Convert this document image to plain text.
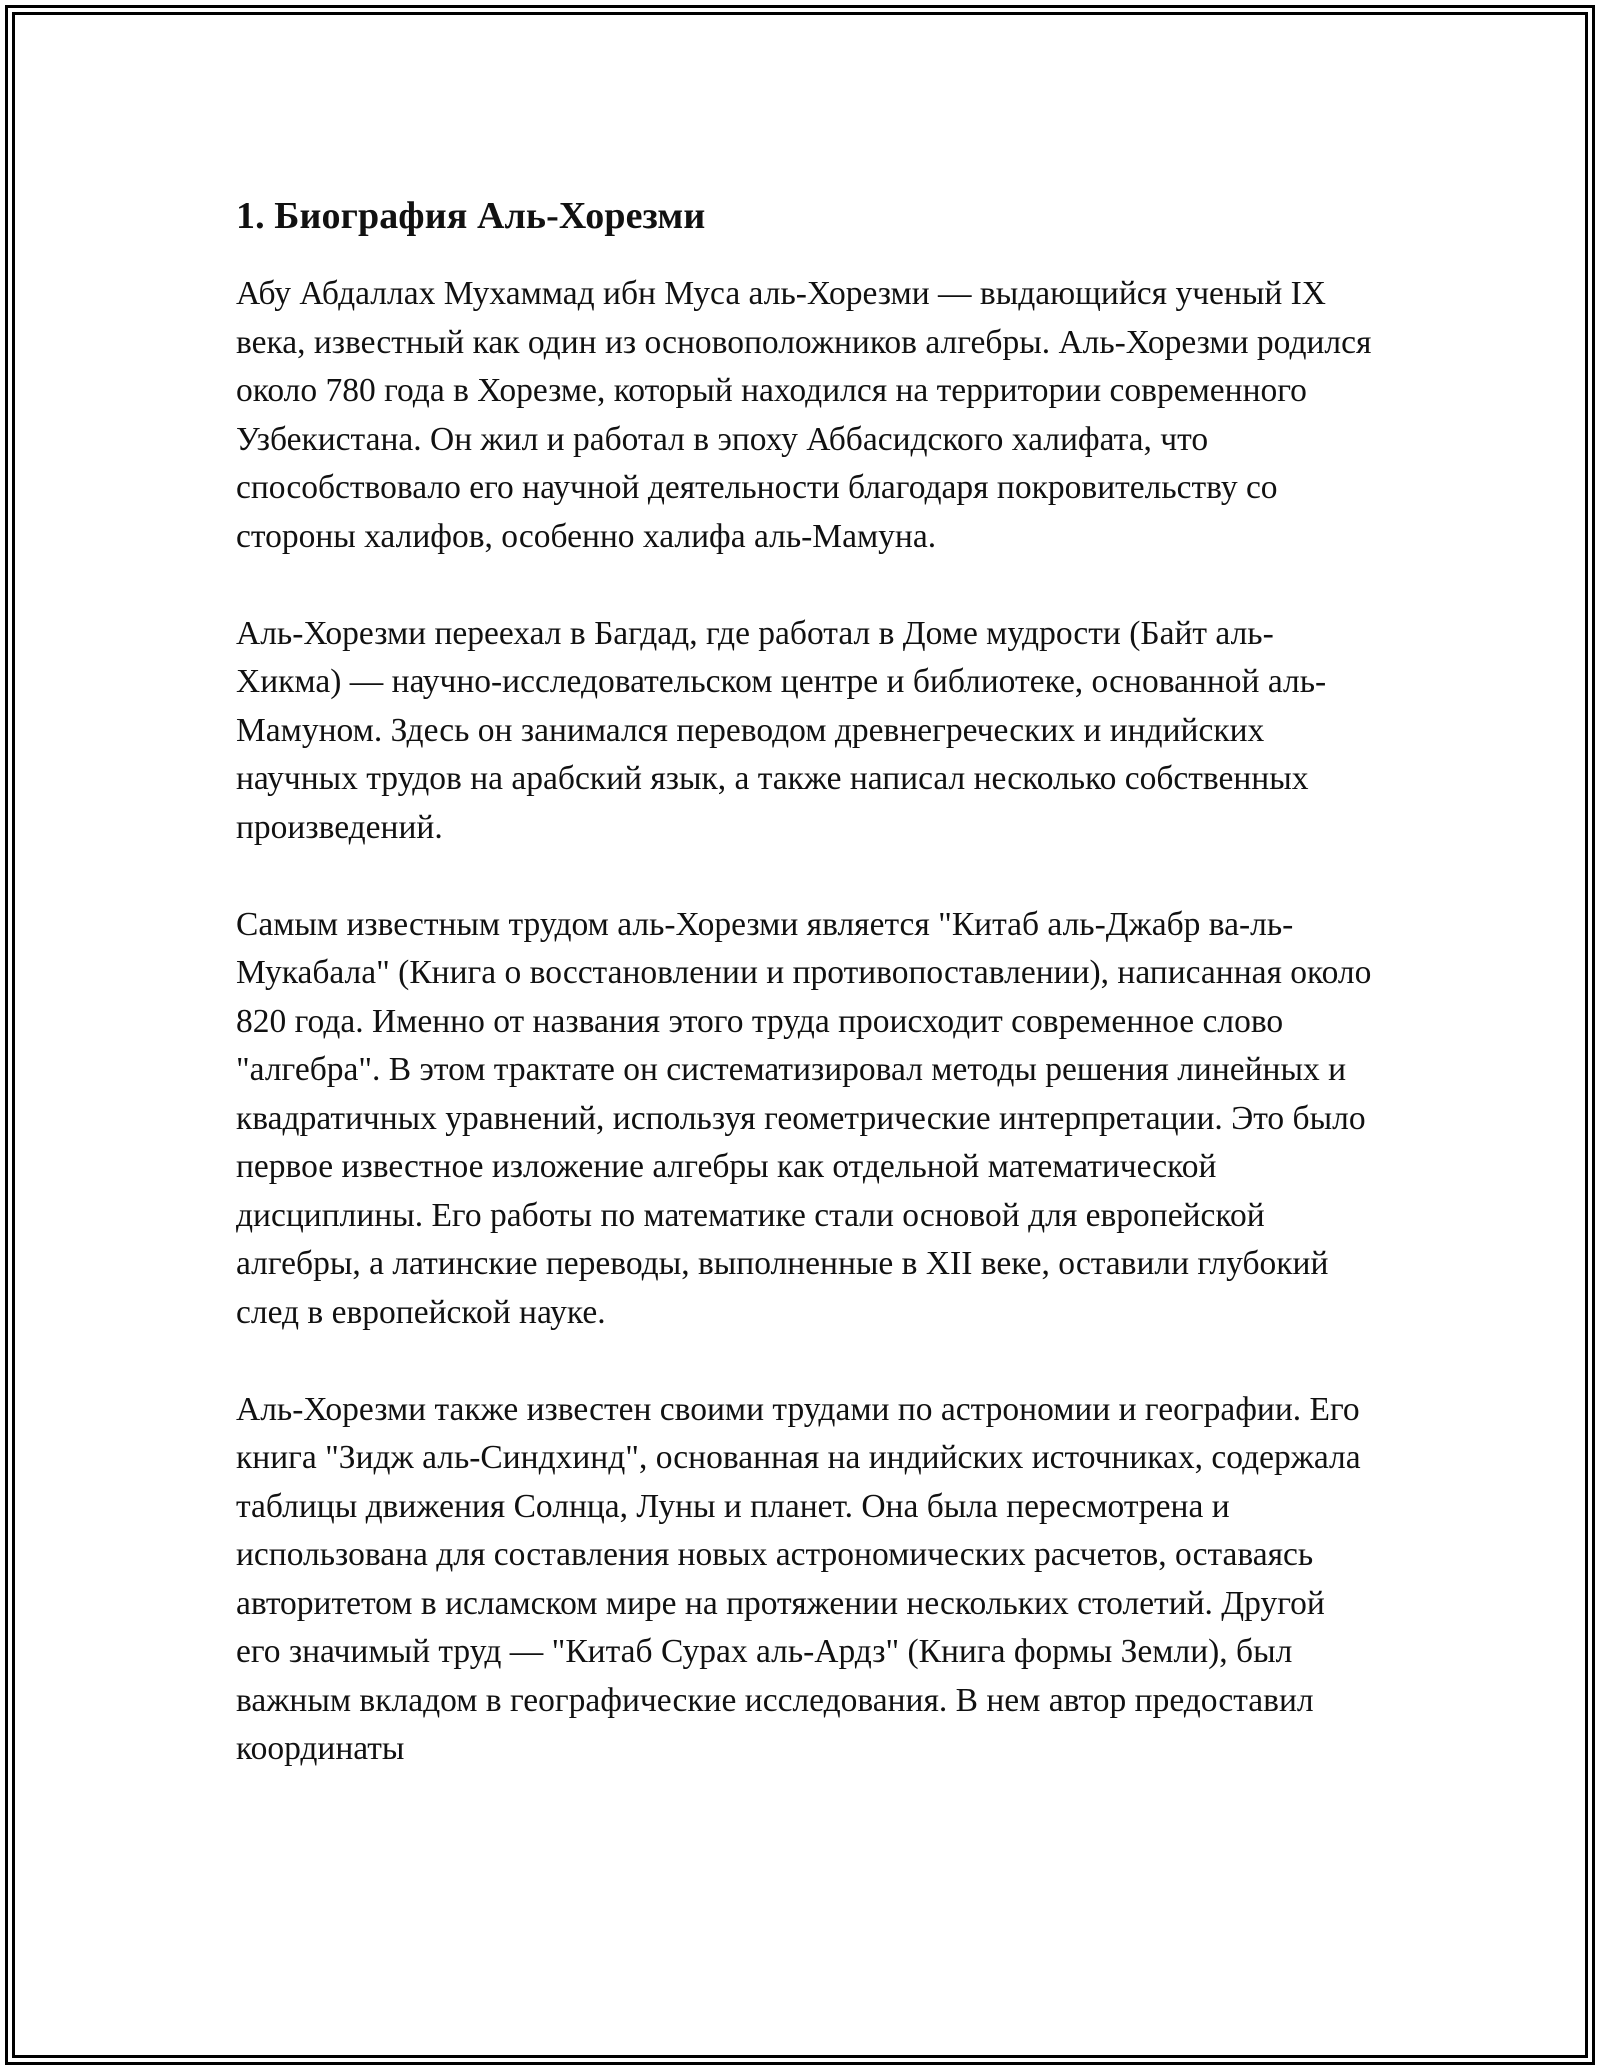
1. Биография Аль-Хорезми

Абу Абдаллах Мухаммад ибн Муса аль-Хорезми — выдающийся ученый IX века, известный как один из основоположников алгебры. Аль-Хорезми родился около 780 года в Хорезме, который находился на территории современного Узбекистана. Он жил и работал в эпоху Аббасидского халифата, что способствовало его научной деятельности благодаря покровительству со стороны халифов, особенно халифа аль-Мамуна.

Аль-Хорезми переехал в Багдад, где работал в Доме мудрости (Байт аль-Хикма) — научно-исследовательском центре и библиотеке, основанной аль-Мамуном. Здесь он занимался переводом древнегреческих и индийских научных трудов на арабский язык, а также написал несколько собственных произведений.

Самым известным трудом аль-Хорезми является "Китаб аль-Джабр ва-ль-Мукабала" (Книга о восстановлении и противопоставлении), написанная около 820 года. Именно от названия этого труда происходит современное слово "алгебра". В этом трактате он систематизировал методы решения линейных и квадратичных уравнений, используя геометрические интерпретации. Это было первое известное изложение алгебры как отдельной математической дисциплины. Его работы по математике стали основой для европейской алгебры, а латинские переводы, выполненные в XII веке, оставили глубокий след в европейской науке.

Аль-Хорезми также известен своими трудами по астрономии и географии. Его книга "Зидж аль-Синдхинд", основанная на индийских источниках, содержала таблицы движения Солнца, Луны и планет. Она была пересмотрена и использована для составления новых астрономических расчетов, оставаясь авторитетом в исламском мире на протяжении нескольких столетий. Другой его значимый труд — "Китаб Сурах аль-Ардз" (Книга формы Земли), был важным вкладом в географические исследования. В нем автор предоставил координаты
